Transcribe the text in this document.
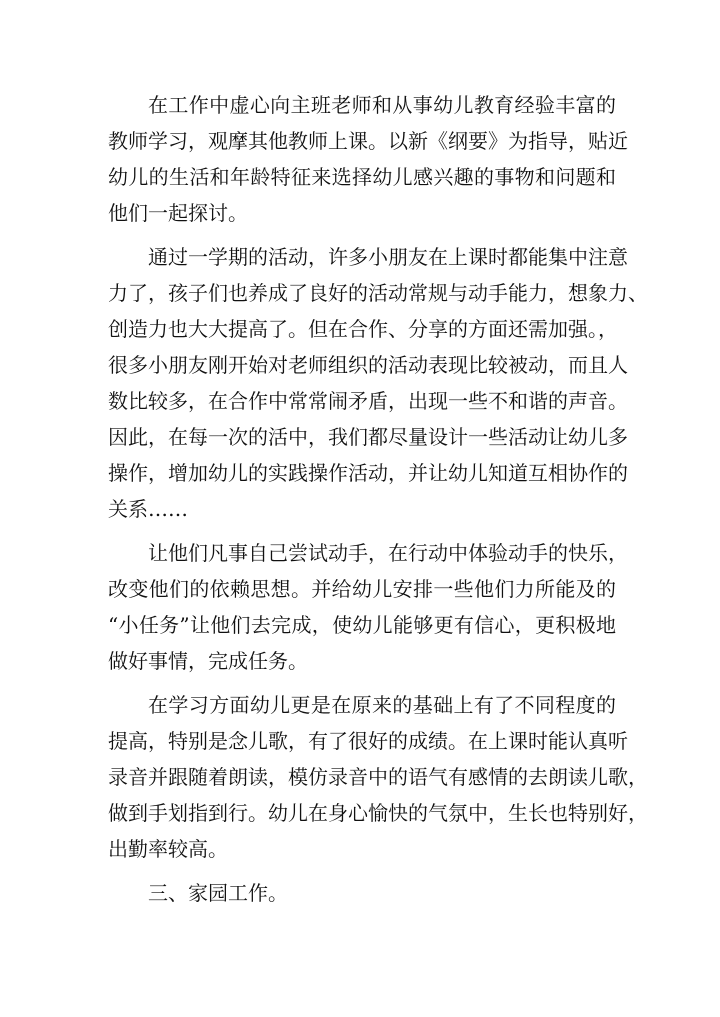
在工作中虚心向主班老师和从事幼儿教育经验丰富的
教师学习，观摩其他教师上课。以新《纲要》为指导，贴近
幼儿的生活和年龄特征来选择幼儿感兴趣的事物和问题和
他们一起探讨。
通过一学期的活动，许多小朋友在上课时都能集中注意
力了，孩子们也养成了良好的活动常规与动手能力，想象力、
创造力也大大提高了。但在合作、分享的方面还需加强。，
很多小朋友刚开始对老师组织的活动表现比较被动，而且人
数比较多，在合作中常常闹矛盾，出现一些不和谐的声音。
因此，在每一次的活中，我们都尽量设计一些活动让幼儿多
操作，增加幼儿的实践操作活动，并让幼儿知道互相协作的
关系……
让他们凡事自己尝试动手，在行动中体验动手的快乐，
改变他们的依赖思想。并给幼儿安排一些他们力所能及的
“小任务”让他们去完成，使幼儿能够更有信心，更积极地
做好事情，完成任务。
在学习方面幼儿更是在原来的基础上有了不同程度的
提高，特别是念儿歌，有了很好的成绩。在上课时能认真听
录音并跟随着朗读，模仿录音中的语气有感情的去朗读儿歌，
做到手划指到行。幼儿在身心愉快的气氛中，生长也特别好，
出勤率较高。
三、家园工作。
